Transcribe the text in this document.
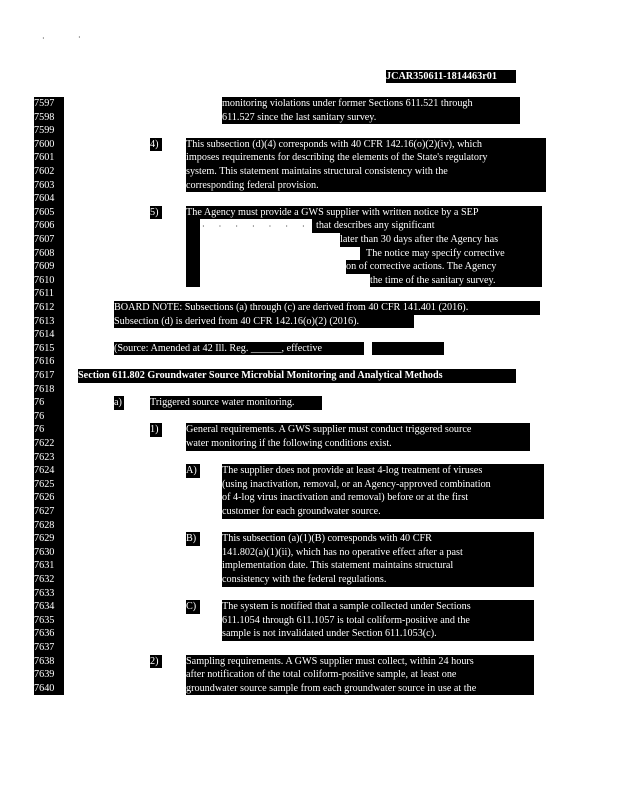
·	·
JCAR350611-1814463r01
7597
7598
7599
7600
7601
7602
7603
7604
7605
7606
7607
7608
7609
7610
7611
7612
7613
7614
7615
7616
7617
7618
76
76
76
7622
7623
7624
7625
7626
7627
7628
7629
7630
7631
7632
7633
7634
7635
7636
7637
7638
7639
7640
monitoring violations under former Sections 611.521 through
611.527 since the last sanitary survey.
4)	This subsection (d)(4) corresponds with 40 CFR 142.16(o)(2)(iv), which
imposes requirements for describing the elements of the State's regulatory
system. This statement maintains structural consistency with the
corresponding federal provision.
5)	The Agency must provide a GWS supplier with written notice by a SEP
that describes any significant
later than 30 days after the Agency has
The notice may specify corrective
on of corrective actions. The Agency
the time of the sanitary survey.
· · · · · · · · ·
BOARD NOTE: Subsections (a) through (c) are derived from 40 CFR 141.401 (2016).
Subsection (d) is derived from 40 CFR 142.16(o)(2) (2016).
(Source: Amended at 42 Ill. Reg. ______, effective
Section 611.802 Groundwater Source Microbial Monitoring and Analytical Methods
a)	Triggered source water monitoring.
1)	General requirements. A GWS supplier must conduct triggered source
water monitoring if the following conditions exist.
A)	The supplier does not provide at least 4-log treatment of viruses
(using inactivation, removal, or an Agency-approved combination
of 4-log virus inactivation and removal) before or at the first
customer for each groundwater source.
B)	This subsection (a)(1)(B) corresponds with 40 CFR
141.802(a)(1)(ii), which has no operative effect after a past
implementation date. This statement maintains structural
consistency with the federal regulations.
C)	The system is notified that a sample collected under Sections
611.1054 through 611.1057 is total coliform-positive and the
sample is not invalidated under Section 611.1053(c).
2)	Sampling requirements. A GWS supplier must collect, within 24 hours
after notification of the total coliform-positive sample, at least one
groundwater source sample from each groundwater source in use at the
